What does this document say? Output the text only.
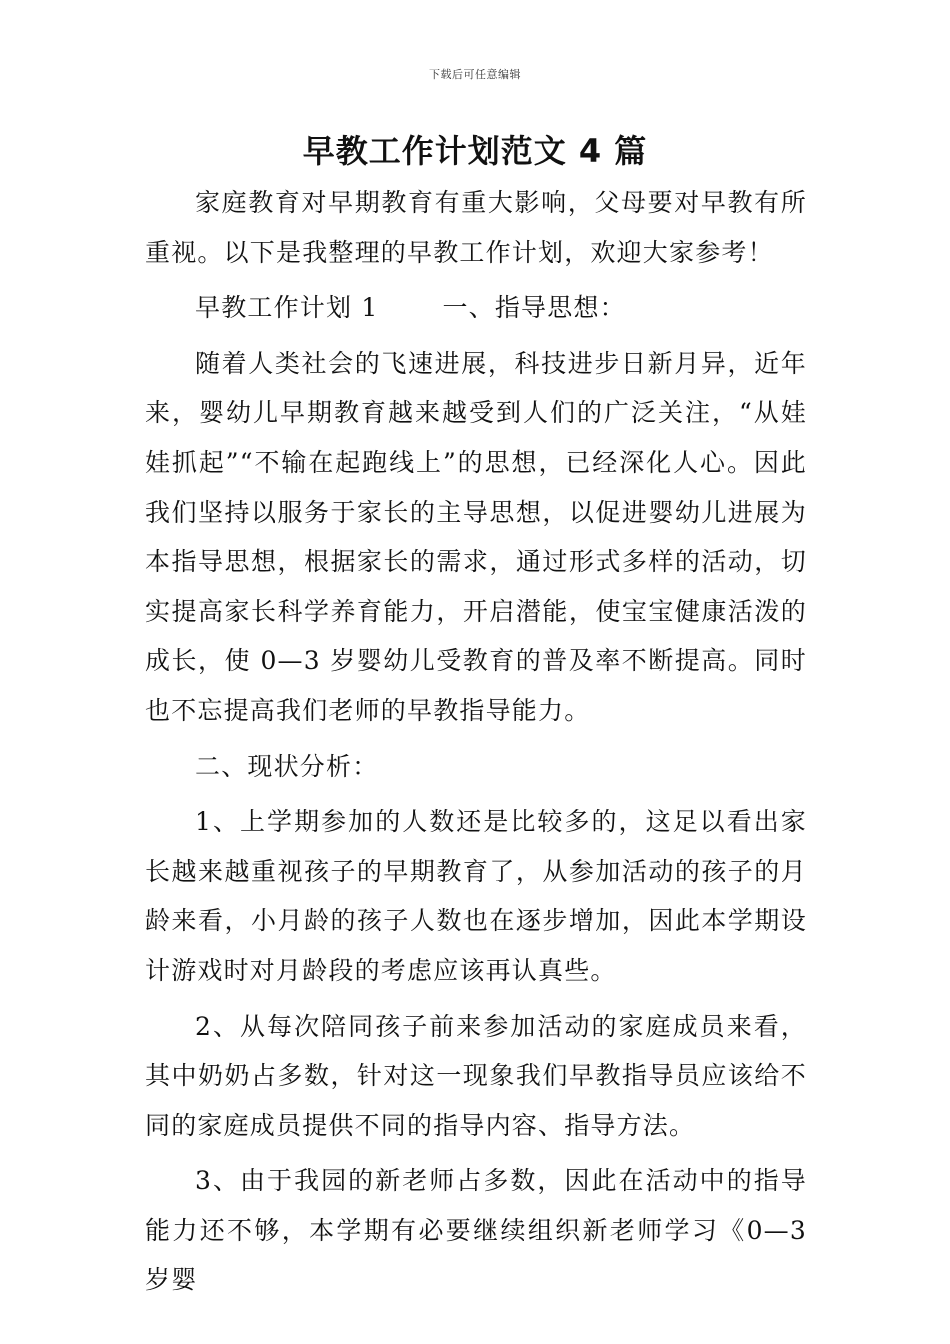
下载后可任意编辑
早教工作计划范文 4 篇

家庭教育对早期教育有重大影响，父母要对早教有所重视。以下是我整理的早教工作计划，欢迎大家参考！

早教工作计划 1	一、指导思想：

随着人类社会的飞速进展，科技进步日新月异，近年来，婴幼儿早期教育越来越受到人们的广泛关注，“从娃娃抓起”“不输在起跑线上”的思想，已经深化人心。因此我们坚持以服务于家长的主导思想，以促进婴幼儿进展为本指导思想，根据家长的需求，通过形式多样的活动，切实提高家长科学养育能力，开启潜能，使宝宝健康活泼的成长，使 0—3 岁婴幼儿受教育的普及率不断提高。同时也不忘提高我们老师的早教指导能力。

二、现状分析：

1、上学期参加的人数还是比较多的，这足以看出家长越来越重视孩子的早期教育了，从参加活动的孩子的月龄来看，小月龄的孩子人数也在逐步增加，因此本学期设计游戏时对月龄段的考虑应该再认真些。

2、从每次陪同孩子前来参加活动的家庭成员来看，其中奶奶占多数，针对这一现象我们早教指导员应该给不同的家庭成员提供不同的指导内容、指导方法。

3、由于我园的新老师占多数，因此在活动中的指导能力还不够，本学期有必要继续组织新老师学习《0—3 岁婴
